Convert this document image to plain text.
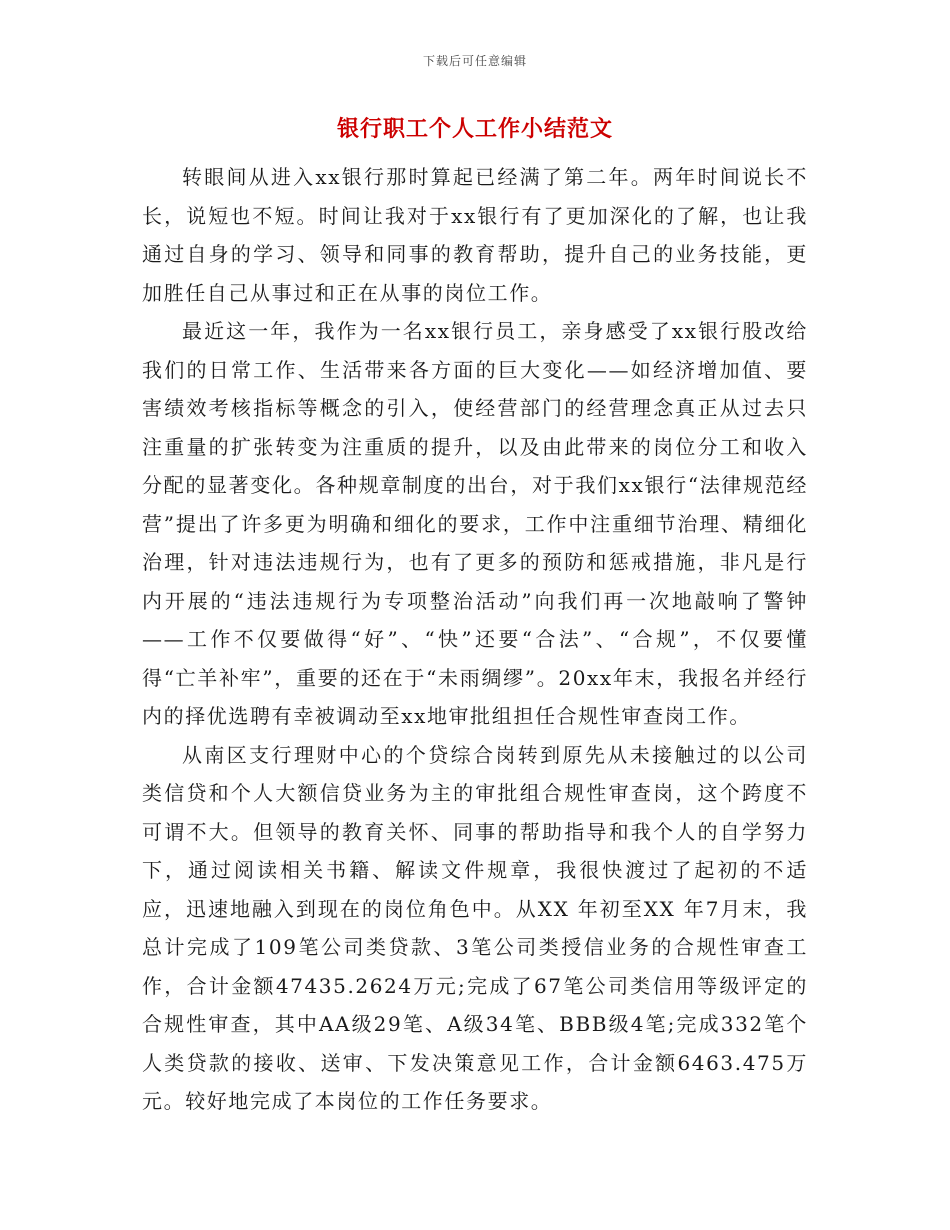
下载后可任意编辑
银行职工个人工作小结范文

转眼间从进入xx银行那时算起已经满了第二年。两年时间说长不长，说短也不短。时间让我对于xx银行有了更加深化的了解，也让我通过自身的学习、领导和同事的教育帮助，提升自己的业务技能，更加胜任自己从事过和正在从事的岗位工作。

最近这一年，我作为一名xx银行员工，亲身感受了xx银行股改给我们的日常工作、生活带来各方面的巨大变化——如经济增加值、要害绩效考核指标等概念的引入，使经营部门的经营理念真正从过去只注重量的扩张转变为注重质的提升，以及由此带来的岗位分工和收入分配的显著变化。各种规章制度的出台，对于我们xx银行“法律规范经营”提出了许多更为明确和细化的要求，工作中注重细节治理、精细化治理，针对违法违规行为，也有了更多的预防和惩戒措施，非凡是行内开展的“违法违规行为专项整治活动”向我们再一次地敲响了警钟——工作不仅要做得“好”、“快”还要“合法”、“合规”，不仅要懂得“亡羊补牢”，重要的还在于“未雨绸缪”。20xx年末，我报名并经行内的择优选聘有幸被调动至xx地审批组担任合规性审查岗工作。

从南区支行理财中心的个贷综合岗转到原先从未接触过的以公司类信贷和个人大额信贷业务为主的审批组合规性审查岗，这个跨度不可谓不大。但领导的教育关怀、同事的帮助指导和我个人的自学努力下，通过阅读相关书籍、解读文件规章，我很快渡过了起初的不适应，迅速地融入到现在的岗位角色中。从XX 年初至XX 年7月末，我总计完成了109笔公司类贷款、3笔公司类授信业务的合规性审查工作，合计金额47435.2624万元;完成了67笔公司类信用等级评定的合规性审查，其中AA级29笔、A级34笔、BBB级4笔;完成332笔个人类贷款的接收、送审、下发决策意见工作，合计金额6463.475万元。较好地完成了本岗位的工作任务要求。
